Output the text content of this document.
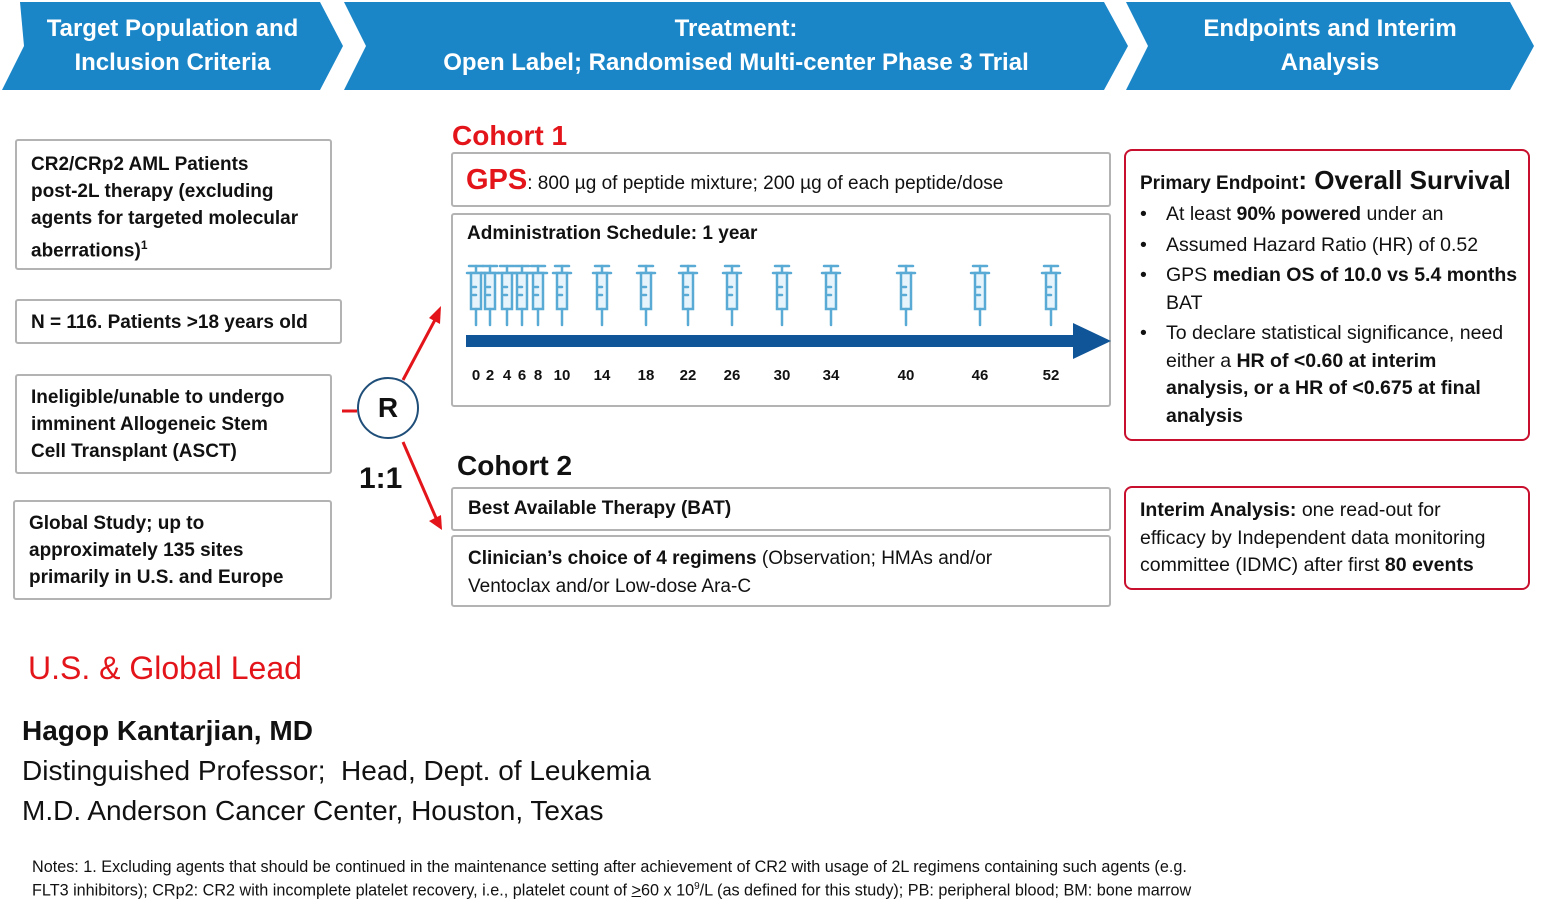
Target Population and
Inclusion Criteria
Treatment:
Open Label; Randomised Multi-center Phase 3 Trial
Endpoints and Interim
Analysis
CR2/CRp2 AML Patients
post-2L therapy (excluding
agents for targeted molecular
aberrations)$^1$
N = 116. Patients >18 years old
Ineligible/unable to undergo
imminent Allogeneic Stem
Cell Transplant (ASCT)
Global Study; up to
approximately 135 sites
primarily in U.S. and Europe
R
1:1
Cohort 1
GPS: 800 µg of peptide mixture; 200 µg of each peptide/dose
Administration Schedule: 1 year
0 2 4 6 8 10 14 18 22 26 30 34	40	46	52
Cohort 2
Best Available Therapy (BAT)
Clinician’s choice of 4 regimens (Observation; HMAs and/or
Ventoclax and/or Low-dose Ara-C
Primary Endpoint: Overall Survival
• At least 90% powered under an
• Assumed Hazard Ratio (HR) of 0.52
• GPS median OS of 10.0 vs 5.4 months
BAT
• To declare statistical significance, need
either a HR of <0.60 at interim
analysis, or a HR of <0.675 at final
analysis
Interim Analysis: one read-out for
efficacy by Independent data monitoring
committee (IDMC) after first 80 events
U.S. & Global Lead
Hagop Kantarjian, MD
Distinguished Professor;  Head, Dept. of Leukemia
M.D. Anderson Cancer Center, Houston, Texas
Notes: 1. Excluding agents that should be continued in the maintenance setting after achievement of CR2 with usage of 2L regimens containing such agents (e.g.
FLT3 inhibitors); CRp2: CR2 with incomplete platelet recovery, i.e., platelet count of >60 x $10^9/L$ (as defined for this study); PB: peripheral blood; BM: bone marrow
